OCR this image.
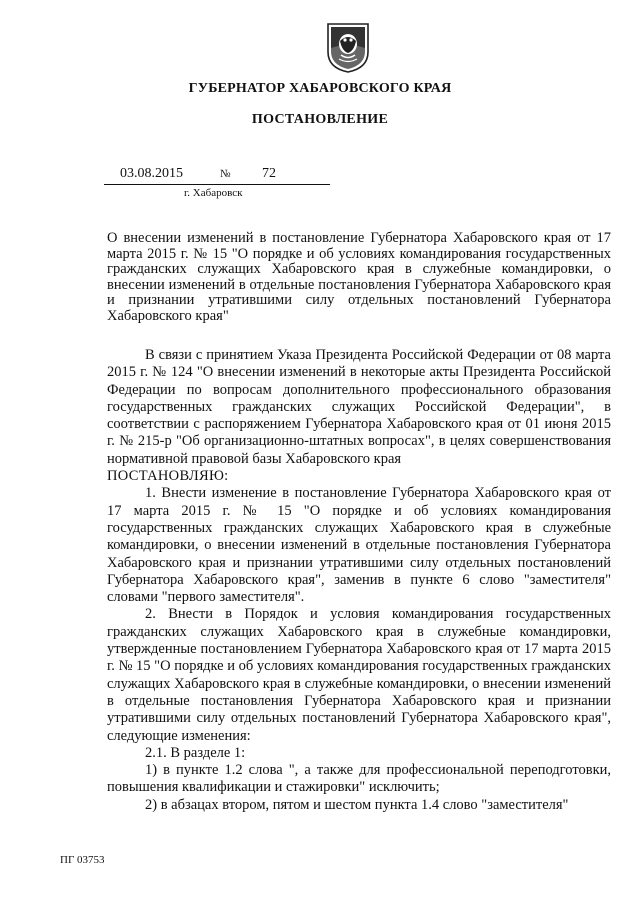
ГУБЕРНАТОР ХАБАРОВСКОГО КРАЯ
ПОСТАНОВЛЕНИЕ
03.08.2015	№ 72
г. Хабаровск
О внесении изменений в постановление Губернатора Хабаровского края от 17 марта 2015 г. № 15 "О порядке и об условиях командирования государственных гражданских служащих Хабаровского края в служебные командировки, о внесении изменений в отдельные постановления Губернатора Хабаровского края и признании утратившими силу отдельных постановлений Губернатора Хабаровского края"

В связи с принятием Указа Президента Российской Федерации от 08 марта 2015 г. № 124 "О внесении изменений в некоторые акты Президента Российской Федерации по вопросам дополнительного профессионального образования государственных гражданских служащих Российской Федерации", в соответствии с распоряжением Губернатора Хабаровского края от 01 июня 2015 г. № 215-р "Об организационно-штатных вопросах", в целях совершенствования нормативной правовой базы Хабаровского края

ПОСТАНОВЛЯЮ:

1. Внести изменение в постановление Губернатора Хабаровского края от 17 марта 2015 г. № 15 "О порядке и об условиях командирования государственных гражданских служащих Хабаровского края в служебные командировки, о внесении изменений в отдельные постановления Губернатора Хабаровского края и признании утратившими силу отдельных постановлений Губернатора Хабаровского края", заменив в пункте 6 слово "заместителя" словами "первого заместителя".

2. Внести в Порядок и условия командирования государственных гражданских служащих Хабаровского края в служебные командировки, утвержденные постановлением Губернатора Хабаровского края от 17 марта 2015 г. № 15 "О порядке и об условиях командирования государственных гражданских служащих Хабаровского края в служебные командировки, о внесении изменений в отдельные постановления Губернатора Хабаровского края и признании утратившими силу отдельных постановлений Губернатора Хабаровского края", следующие изменения:

2.1. В разделе 1:

1) в пункте 1.2 слова ", а также для профессиональной переподготовки, повышения квалификации и стажировки" исключить;

2) в абзацах втором, пятом и шестом пункта 1.4 слово "заместителя"

ПГ 03753
